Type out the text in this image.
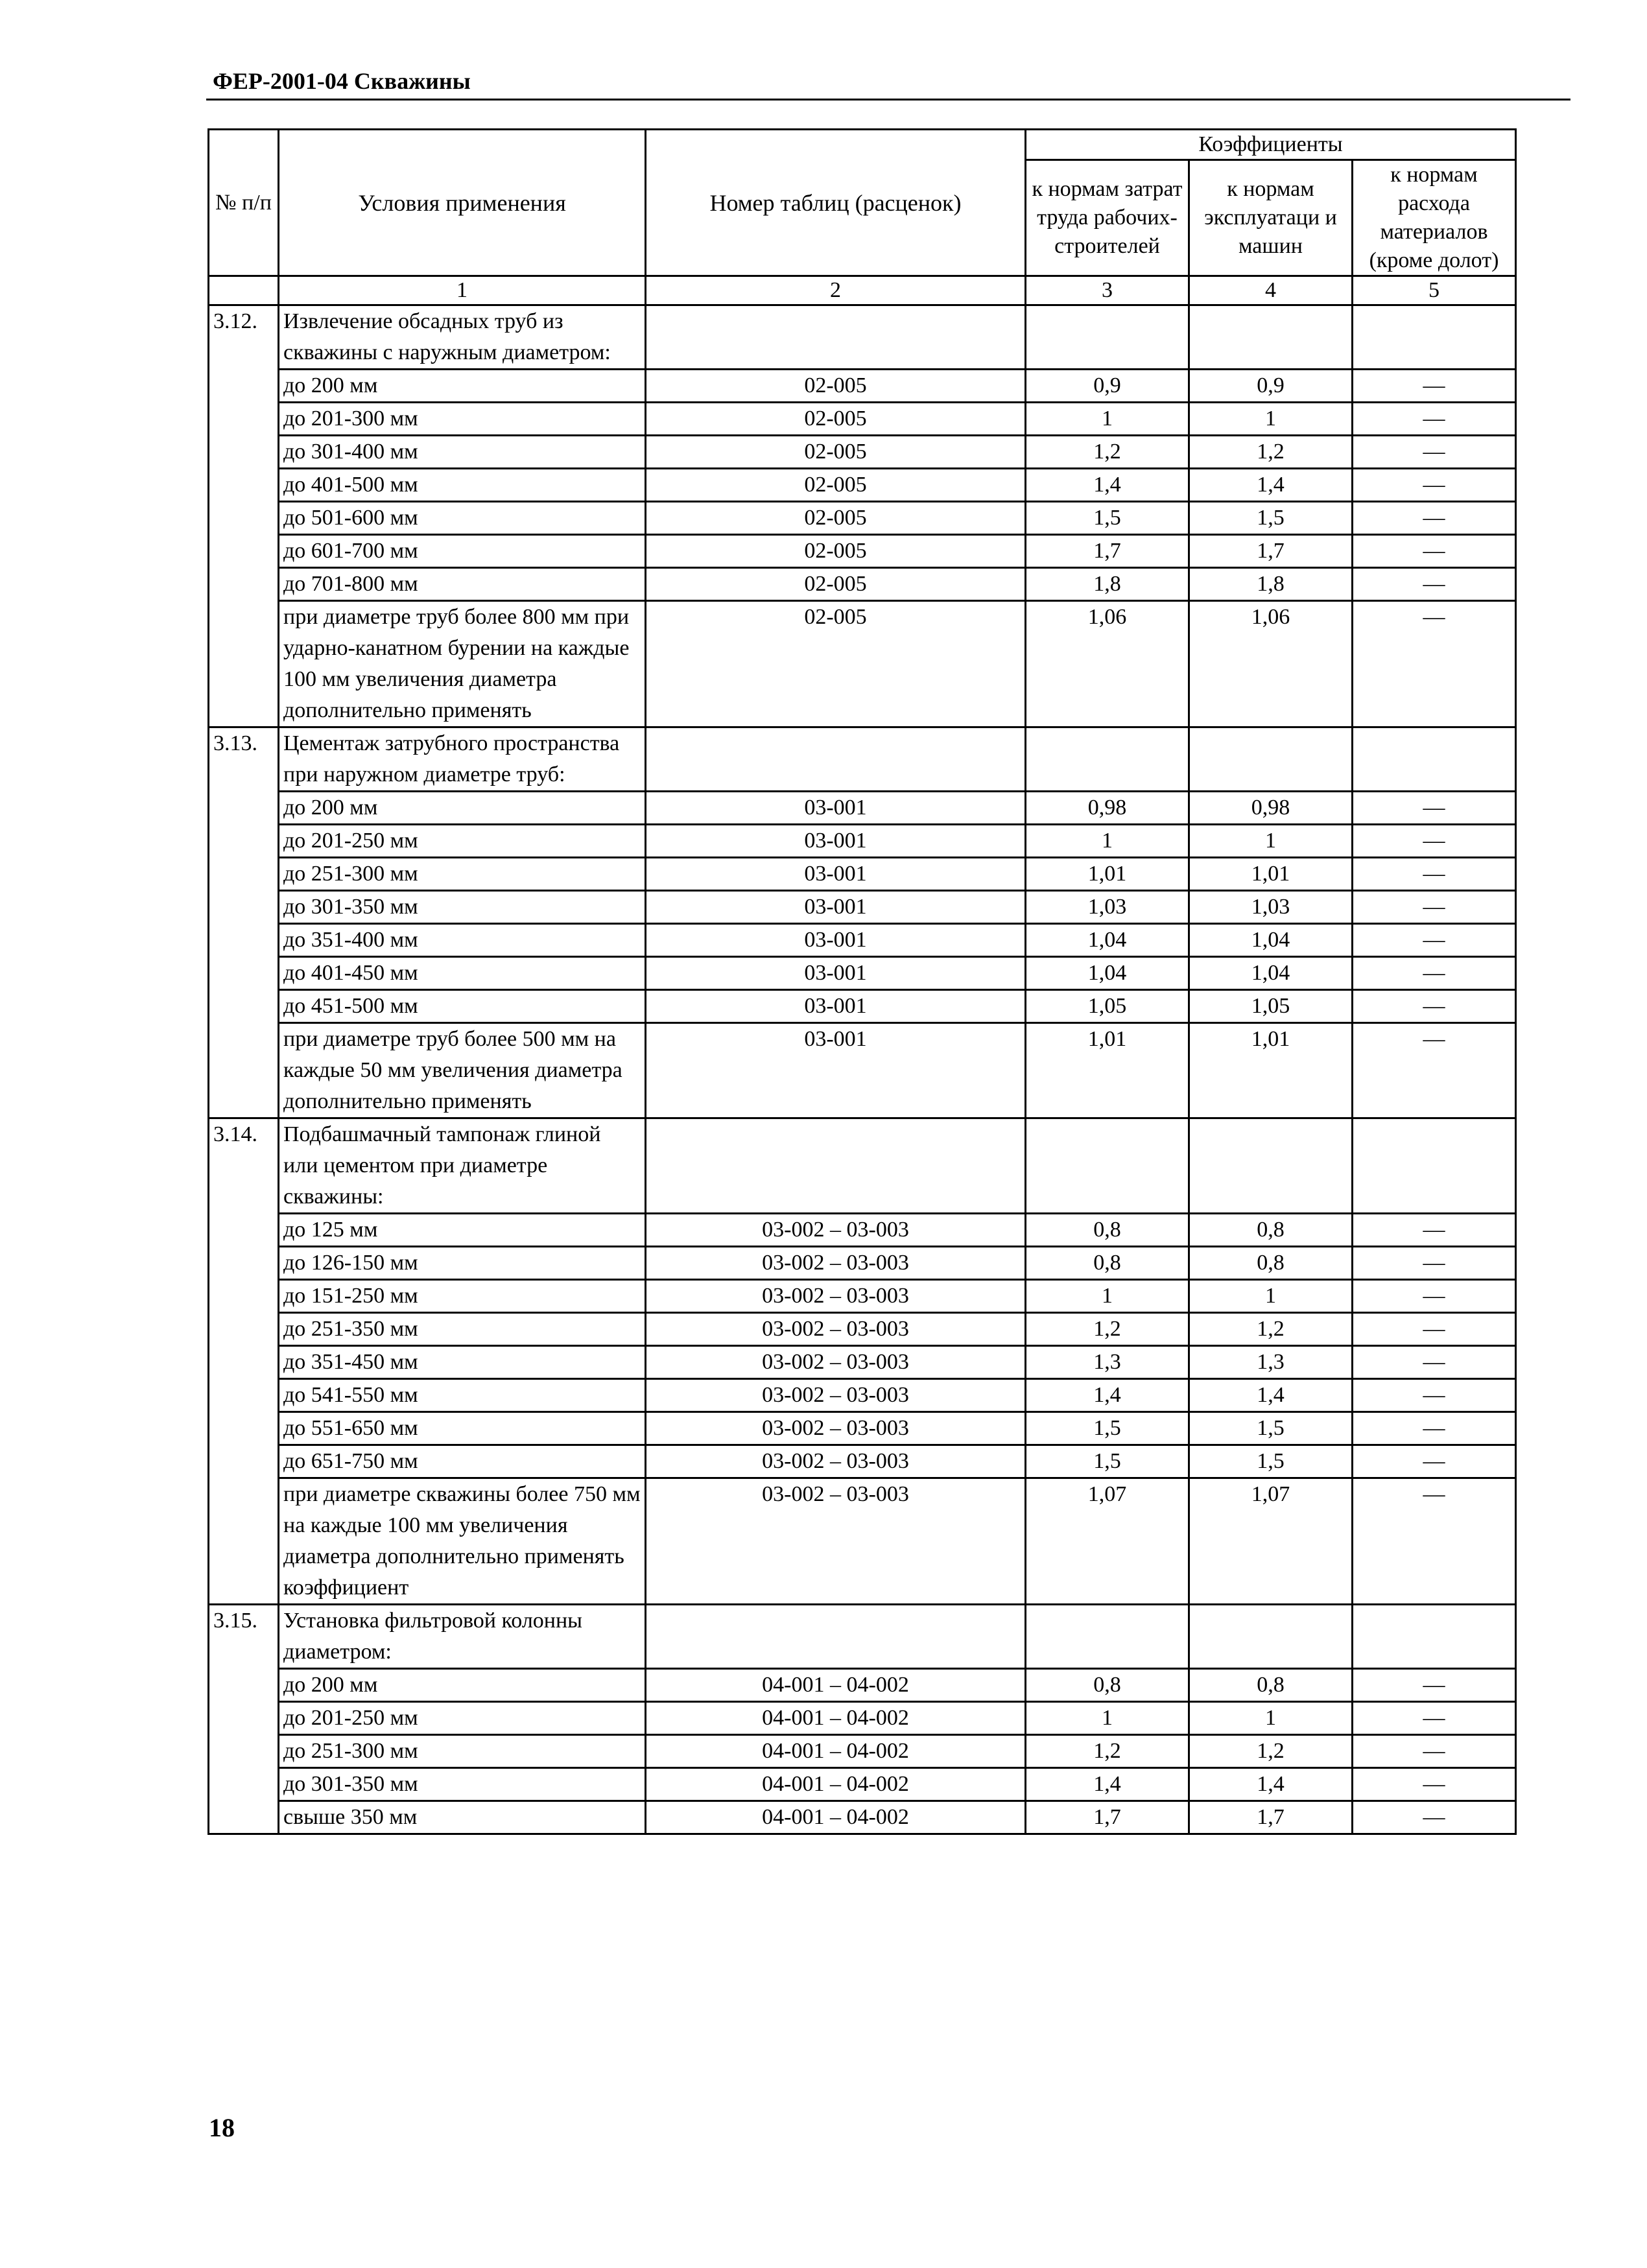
ФЕР-2001-04 Скважины
№ п/п	Условия применения	Номер таблиц (расценок)	Коэффициенты		
			к нормам затрат труда рабочих-строителей	к нормам эксплуатаци и машин	к нормам расхода материалов (кроме долот)
	1	2	3	4	5
3.12.	Извлечение обсадных труб из скважины с наружным диаметром:				
	до 200 мм	02-005	0,9	0,9	—
	до 201-300 мм	02-005	1	1	—
	до 301-400 мм	02-005	1,2	1,2	—
	до 401-500 мм	02-005	1,4	1,4	—
	до 501-600 мм	02-005	1,5	1,5	—
	до 601-700 мм	02-005	1,7	1,7	—
	до 701-800 мм	02-005	1,8	1,8	—
	при диаметре труб более 800 мм при ударно-канатном бурении на каждые 100 мм увеличения диаметра дополнительно применять	02-005	1,06	1,06	—
3.13.	Цементаж затрубного пространства при наружном диаметре труб:				
	до 200 мм	03-001	0,98	0,98	—
	до 201-250 мм	03-001	1	1	—
	до 251-300 мм	03-001	1,01	1,01	—
	до 301-350 мм	03-001	1,03	1,03	—
	до 351-400 мм	03-001	1,04	1,04	—
	до 401-450 мм	03-001	1,04	1,04	—
	до 451-500 мм	03-001	1,05	1,05	—
	при диаметре труб более 500 мм на каждые 50 мм увеличения диаметра дополнительно применять	03-001	1,01	1,01	—
3.14.	Подбашмачный тампонаж глиной или цементом при диаметре скважины:				
	до 125 мм	03-002 – 03-003	0,8	0,8	—
	до 126-150 мм	03-002 – 03-003	0,8	0,8	—
	до 151-250 мм	03-002 – 03-003	1	1	—
	до 251-350 мм	03-002 – 03-003	1,2	1,2	—
	до 351-450 мм	03-002 – 03-003	1,3	1,3	—
	до 541-550 мм	03-002 – 03-003	1,4	1,4	—
	до 551-650 мм	03-002 – 03-003	1,5	1,5	—
	до 651-750 мм	03-002 – 03-003	1,5	1,5	—
	при диаметре скважины более 750 мм на каждые 100 мм увеличения диаметра дополнительно применять коэффициент	03-002 – 03-003	1,07	1,07	—
3.15.	Установка фильтровой колонны диаметром:				
	до 200 мм	04-001 – 04-002	0,8	0,8	—
	до 201-250 мм	04-001 – 04-002	1	1	—
	до 251-300 мм	04-001 – 04-002	1,2	1,2	—
	до 301-350 мм	04-001 – 04-002	1,4	1,4	—
	свыше 350 мм	04-001 – 04-002	1,7	1,7	—
18
